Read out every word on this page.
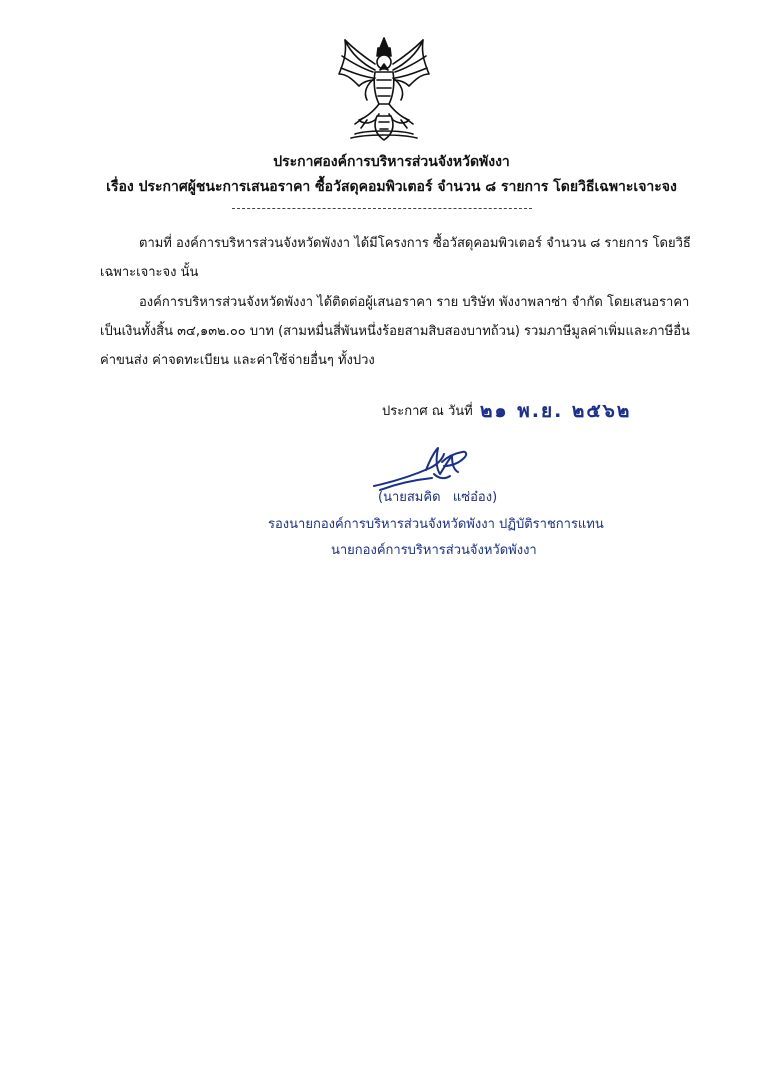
ประกาศองค์การบริหารส่วนจังหวัดพังงา
เรื่อง ประกาศผู้ชนะการเสนอราคา ซื้อวัสดุคอมพิวเตอร์ จำนวน ๘ รายการ โดยวิธีเฉพาะเจาะจง
ตามที่ องค์การบริหารส่วนจังหวัดพังงา ได้มีโครงการ ซื้อวัสดุคอมพิวเตอร์ จำนวน ๘ รายการ โดยวิธี
เฉพาะเจาะจง นั้น
องค์การบริหารส่วนจังหวัดพังงา ได้ติดต่อผู้เสนอราคา ราย บริษัท พังงาพลาซ่า จำกัด โดยเสนอราคา
เป็นเงินทั้งสิ้น ๓๔,๑๓๒.๐๐ บาท (สามหมื่นสี่พันหนึ่งร้อยสามสิบสองบาทถ้วน) รวมภาษีมูลค่าเพิ่มและภาษีอื่น
ค่าขนส่ง ค่าจดทะเบียน และค่าใช้จ่ายอื่นๆ ทั้งปวง
ประกาศ ณ วันที่ ๒๑ พ.ย. ๒๕๖๒
(นายสมคิด   แซ่อ๋อง)
รองนายกองค์การบริหารส่วนจังหวัดพังงา ปฏิบัติราชการแทน
นายกองค์การบริหารส่วนจังหวัดพังงา
